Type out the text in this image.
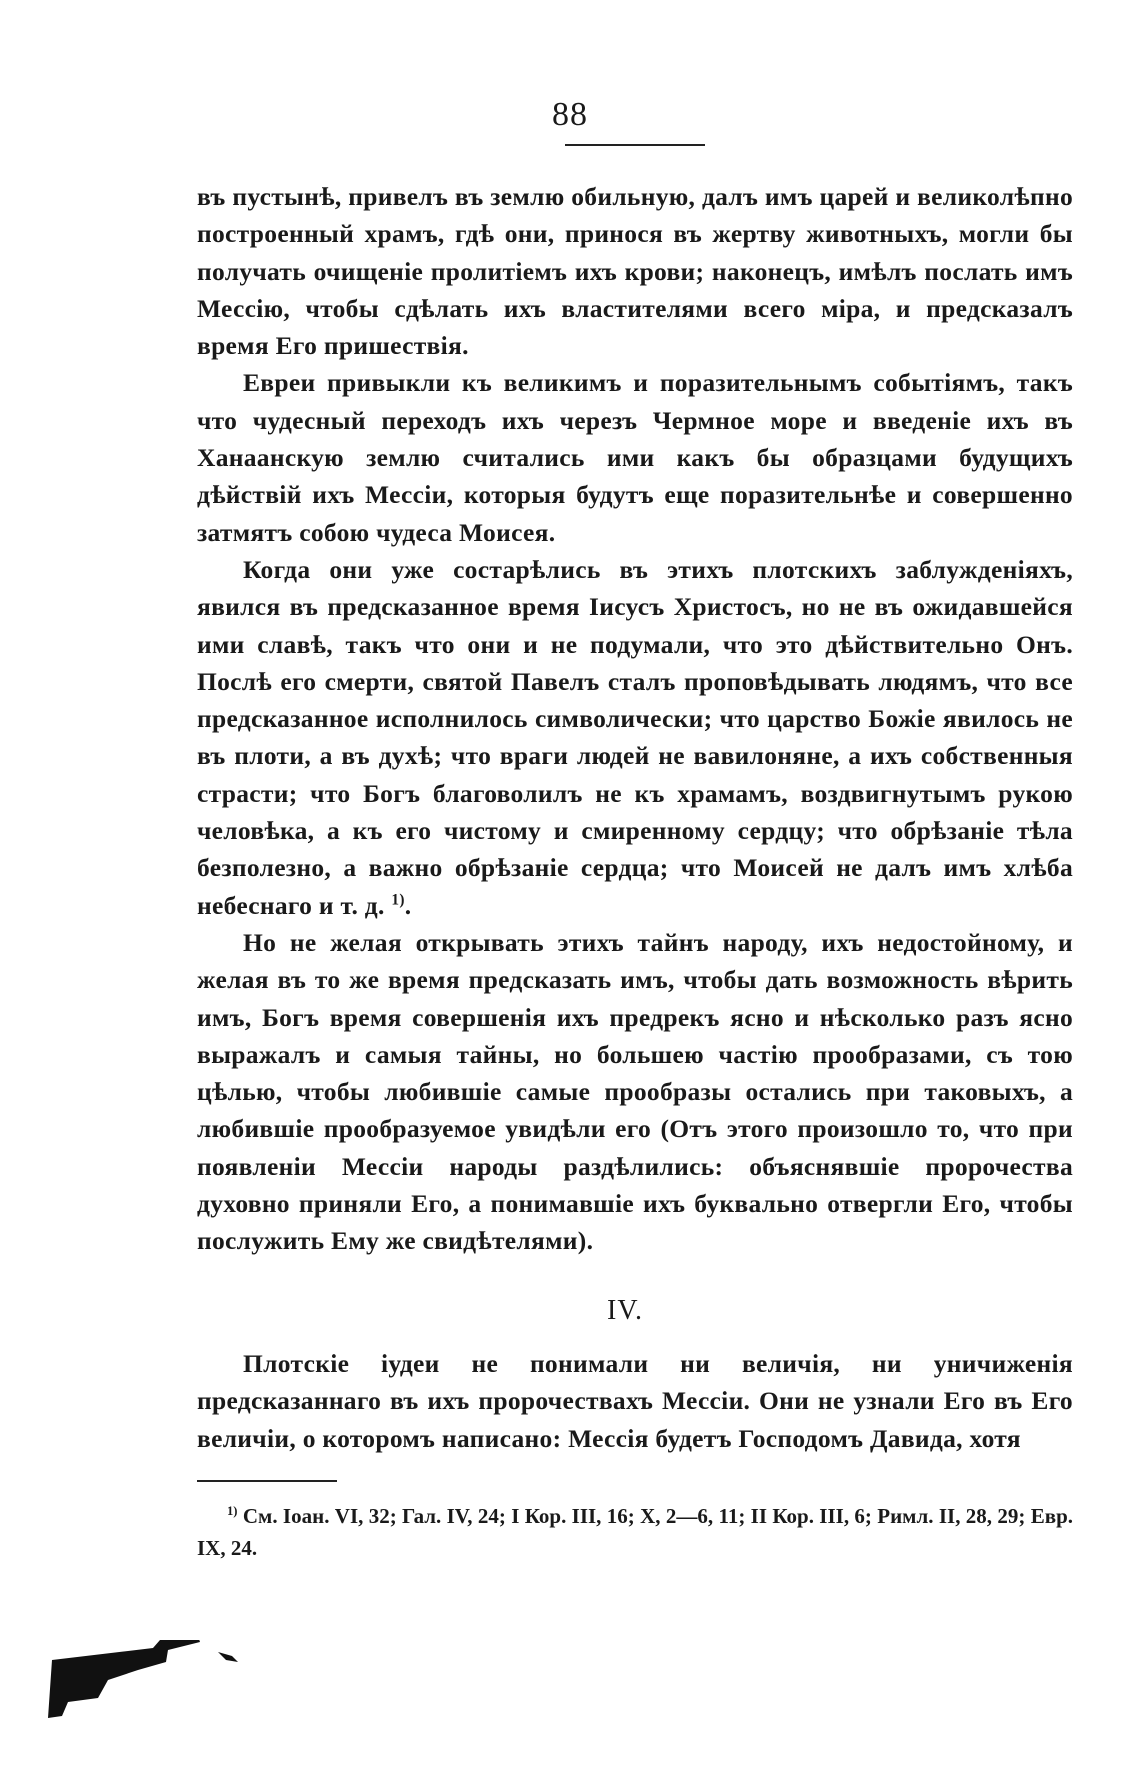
88

въ пустынѣ, привелъ въ землю обильную, далъ имъ царей и великолѣпно построенный храмъ, гдѣ они, принося въ жертву животныхъ, могли бы получать очищеніе пролитіемъ ихъ крови; наконецъ, имѣлъ послать имъ Мессію, чтобы сдѣлать ихъ властителями всего міра, и предсказалъ время Его пришествія.

Евреи привыкли къ великимъ и поразительнымъ событіямъ, такъ что чудесный переходъ ихъ черезъ Чермное море и введеніе ихъ въ Ханаанскую землю считались ими какъ бы образцами будущихъ дѣйствій ихъ Мессіи, которыя будутъ еще поразительнѣе и совершенно затмятъ собою чудеса Моисея.

Когда они уже состарѣлись въ этихъ плотскихъ заблужденіяхъ, явился въ предсказанное время Іисусъ Христосъ, но не въ ожидавшейся ими славѣ, такъ что они и не подумали, что это дѣйствительно Онъ. Послѣ его смерти, святой Павелъ сталъ проповѣдывать людямъ, что все предсказанное исполнилось символически; что царство Божіе явилось не въ плоти, а въ духѣ; что враги людей не вавилоняне, а ихъ собственныя страсти; что Богъ благоволилъ не къ храмамъ, воздвигнутымъ рукою человѣка, а къ его чистому и смиренному сердцу; что обрѣзаніе тѣла безполезно, а важно обрѣзаніе сердца; что Моисей не далъ имъ хлѣба небеснаго и т. д. $^{1)}$.

Но не желая открывать этихъ тайнъ народу, ихъ недостойному, и желая въ то же время предсказать имъ, чтобы дать возможность вѣрить имъ, Богъ время совершенія ихъ предрекъ ясно и нѣсколько разъ ясно выражалъ и самыя тайны, но большею частію прообразами, съ тою цѣлью, чтобы любившіе самые прообразы остались при таковыхъ, а любившіе прообразуемое увидѣли его (Отъ этого произошло то, что при появленіи Мессіи народы раздѣлились: объяснявшіе пророчества духовно приняли Его, а понимавшіе ихъ буквально отвергли Его, чтобы послужить Ему же свидѣтелями).

IV.

Плотскіе іудеи не понимали ни величія, ни уничиженія предсказаннаго въ ихъ пророчествахъ Мессіи. Они не узнали Его въ Его величіи, о которомъ написано: Мессія будетъ Господомъ Давида, хотя

$^{1)}$ См. Іоан. VI, 32; Гал. IV, 24; I Кор. III, 16; X, 2—6, 11; II Кор. III, 6; Римл. II, 28, 29; Евр. IX, 24.
